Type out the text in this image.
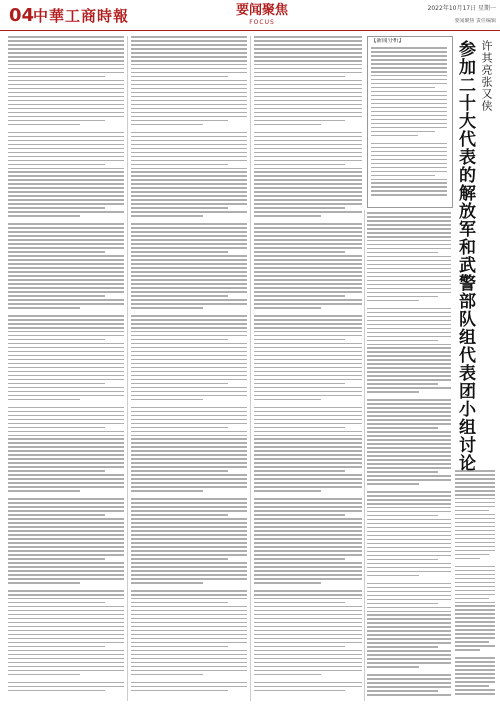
04
中華工商時報	要闻聚焦
FOCUS
2022年10月17日 星期一
要闻聚焦 责任编辑
【新闻分析】	参加二十大代表的解放军和武警部队组代表团小组讨论 许其亮张又侠
